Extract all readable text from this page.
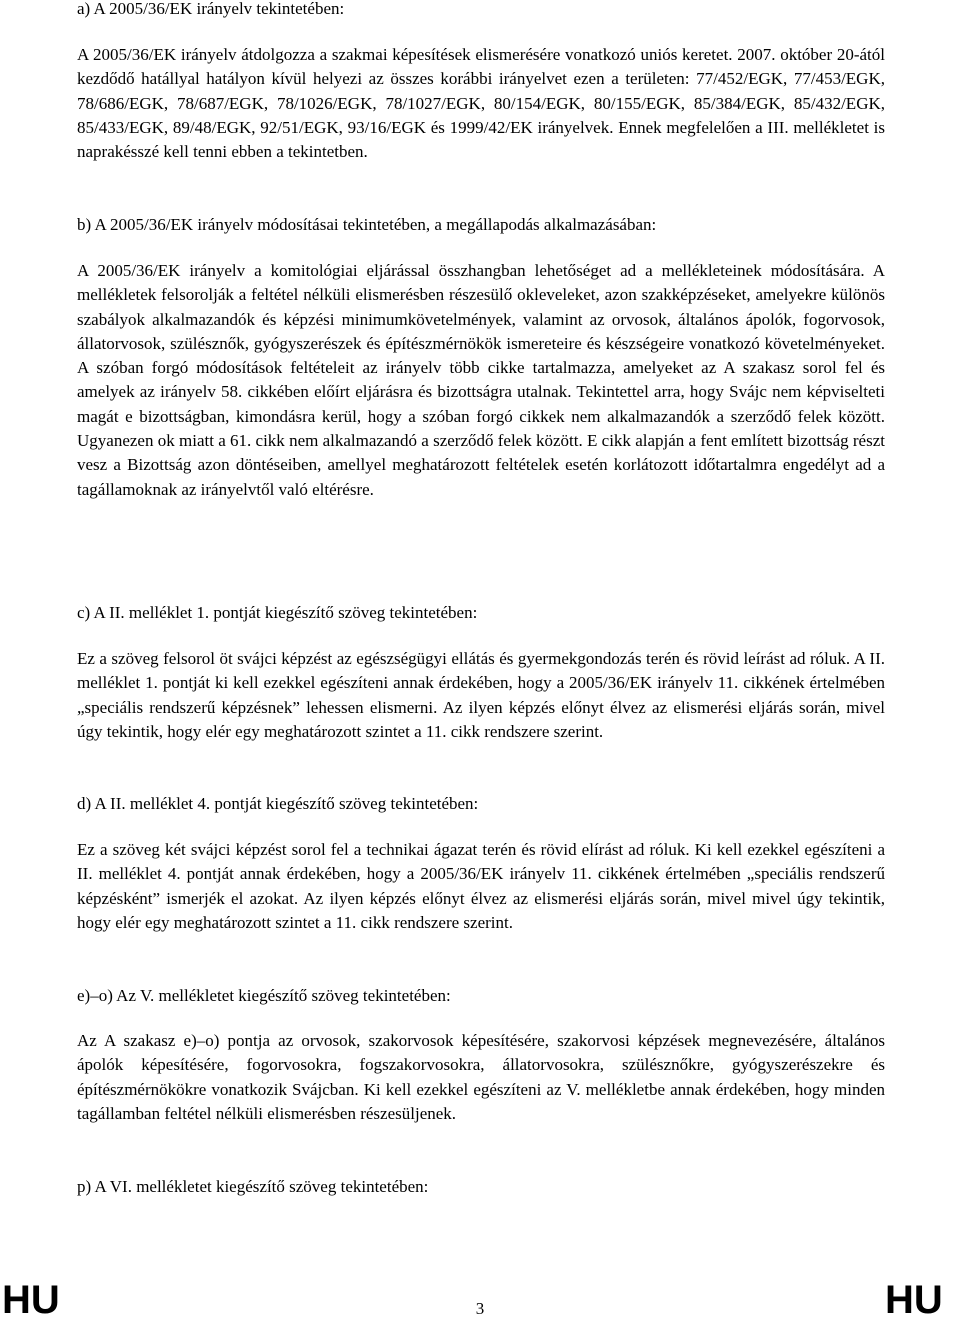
a) A 2005/36/EK irányelv tekintetében:

A 2005/36/EK irányelv átdolgozza a szakmai képesítések elismerésére vonatkozó uniós keretet. 2007. október 20-ától kezdődő hatállyal hatályon kívül helyezi az összes korábbi irányelvet ezen a területen: 77/452/EGK, 77/453/EGK, 78/686/EGK, 78/687/EGK, 78/1026/EGK, 78/1027/EGK, 80/154/EGK, 80/155/EGK, 85/384/EGK, 85/432/EGK, 85/433/EGK, 89/48/EGK, 92/51/EGK, 93/16/EGK és 1999/42/EK irányelvek. Ennek megfelelően a III. mellékletet is naprakésszé kell tenni ebben a tekintetben.

b) A 2005/36/EK irányelv módosításai tekintetében, a megállapodás alkalmazásában:

A 2005/36/EK irányelv a komitológiai eljárással összhangban lehetőséget ad a mellékleteinek módosítására. A mellékletek felsorolják a feltétel nélküli elismerésben részesülő okleveleket, azon szakképzéseket, amelyekre különös szabályok alkalmazandók és képzési minimumkövetelmények, valamint az orvosok, általános ápolók, fogorvosok, állatorvosok, szülésznők, gyógyszerészek és építészmérnökök ismereteire és készségeire vonatkozó követelményeket. A szóban forgó módosítások feltételeit az irányelv több cikke tartalmazza, amelyeket az A szakasz sorol fel és amelyek az irányelv 58. cikkében előírt eljárásra és bizottságra utalnak. Tekintettel arra, hogy Svájc nem képviselteti magát e bizottságban, kimondásra kerül, hogy a szóban forgó cikkek nem alkalmazandók a szerződő felek között. Ugyanezen ok miatt a 61. cikk nem alkalmazandó a szerződő felek között. E cikk alapján a fent említett bizottság részt vesz a Bizottság azon döntéseiben, amellyel meghatározott feltételek esetén korlátozott időtartalmra engedélyt ad a tagállamoknak az irányelvtől való eltérésre.

c) A II. melléklet 1. pontját kiegészítő szöveg tekintetében:

Ez a szöveg felsorol öt svájci képzést az egészségügyi ellátás és gyermekgondozás terén és rövid leírást ad róluk. A II. melléklet 1. pontját ki kell ezekkel egészíteni annak érdekében, hogy a 2005/36/EK irányelv 11. cikkének értelmében „speciális rendszerű képzésnek” lehessen elismerni. Az ilyen képzés előnyt élvez az elismerési eljárás során, mivel úgy tekintik, hogy elér egy meghatározott szintet a 11. cikk rendszere szerint.

d) A II. melléklet 4. pontját kiegészítő szöveg tekintetében:

Ez a szöveg két svájci képzést sorol fel a technikai ágazat terén és rövid elírást ad róluk. Ki kell ezekkel egészíteni a II. melléklet 4. pontját annak érdekében, hogy a 2005/36/EK irányelv 11. cikkének értelmében „speciális rendszerű képzésként” ismerjék el azokat. Az ilyen képzés előnyt élvez az elismerési eljárás során, mivel mivel úgy tekintik, hogy elér egy meghatározott szintet a 11. cikk rendszere szerint.

e)–o) Az V. mellékletet kiegészítő szöveg tekintetében:

Az A szakasz e)–o) pontja az orvosok, szakorvosok képesítésére, szakorvosi képzések megnevezésére, általános ápolók képesítésére, fogorvosokra, fogszakorvosokra, állatorvosokra, szülésznőkre, gyógyszerészekre és építészmérnökökre vonatkozik Svájcban. Ki kell ezekkel egészíteni az V. mellékletbe annak érdekében, hogy minden tagállamban feltétel nélküli elismerésben részesüljenek.

p) A VI. mellékletet kiegészítő szöveg tekintetében:

HU	3	HU
